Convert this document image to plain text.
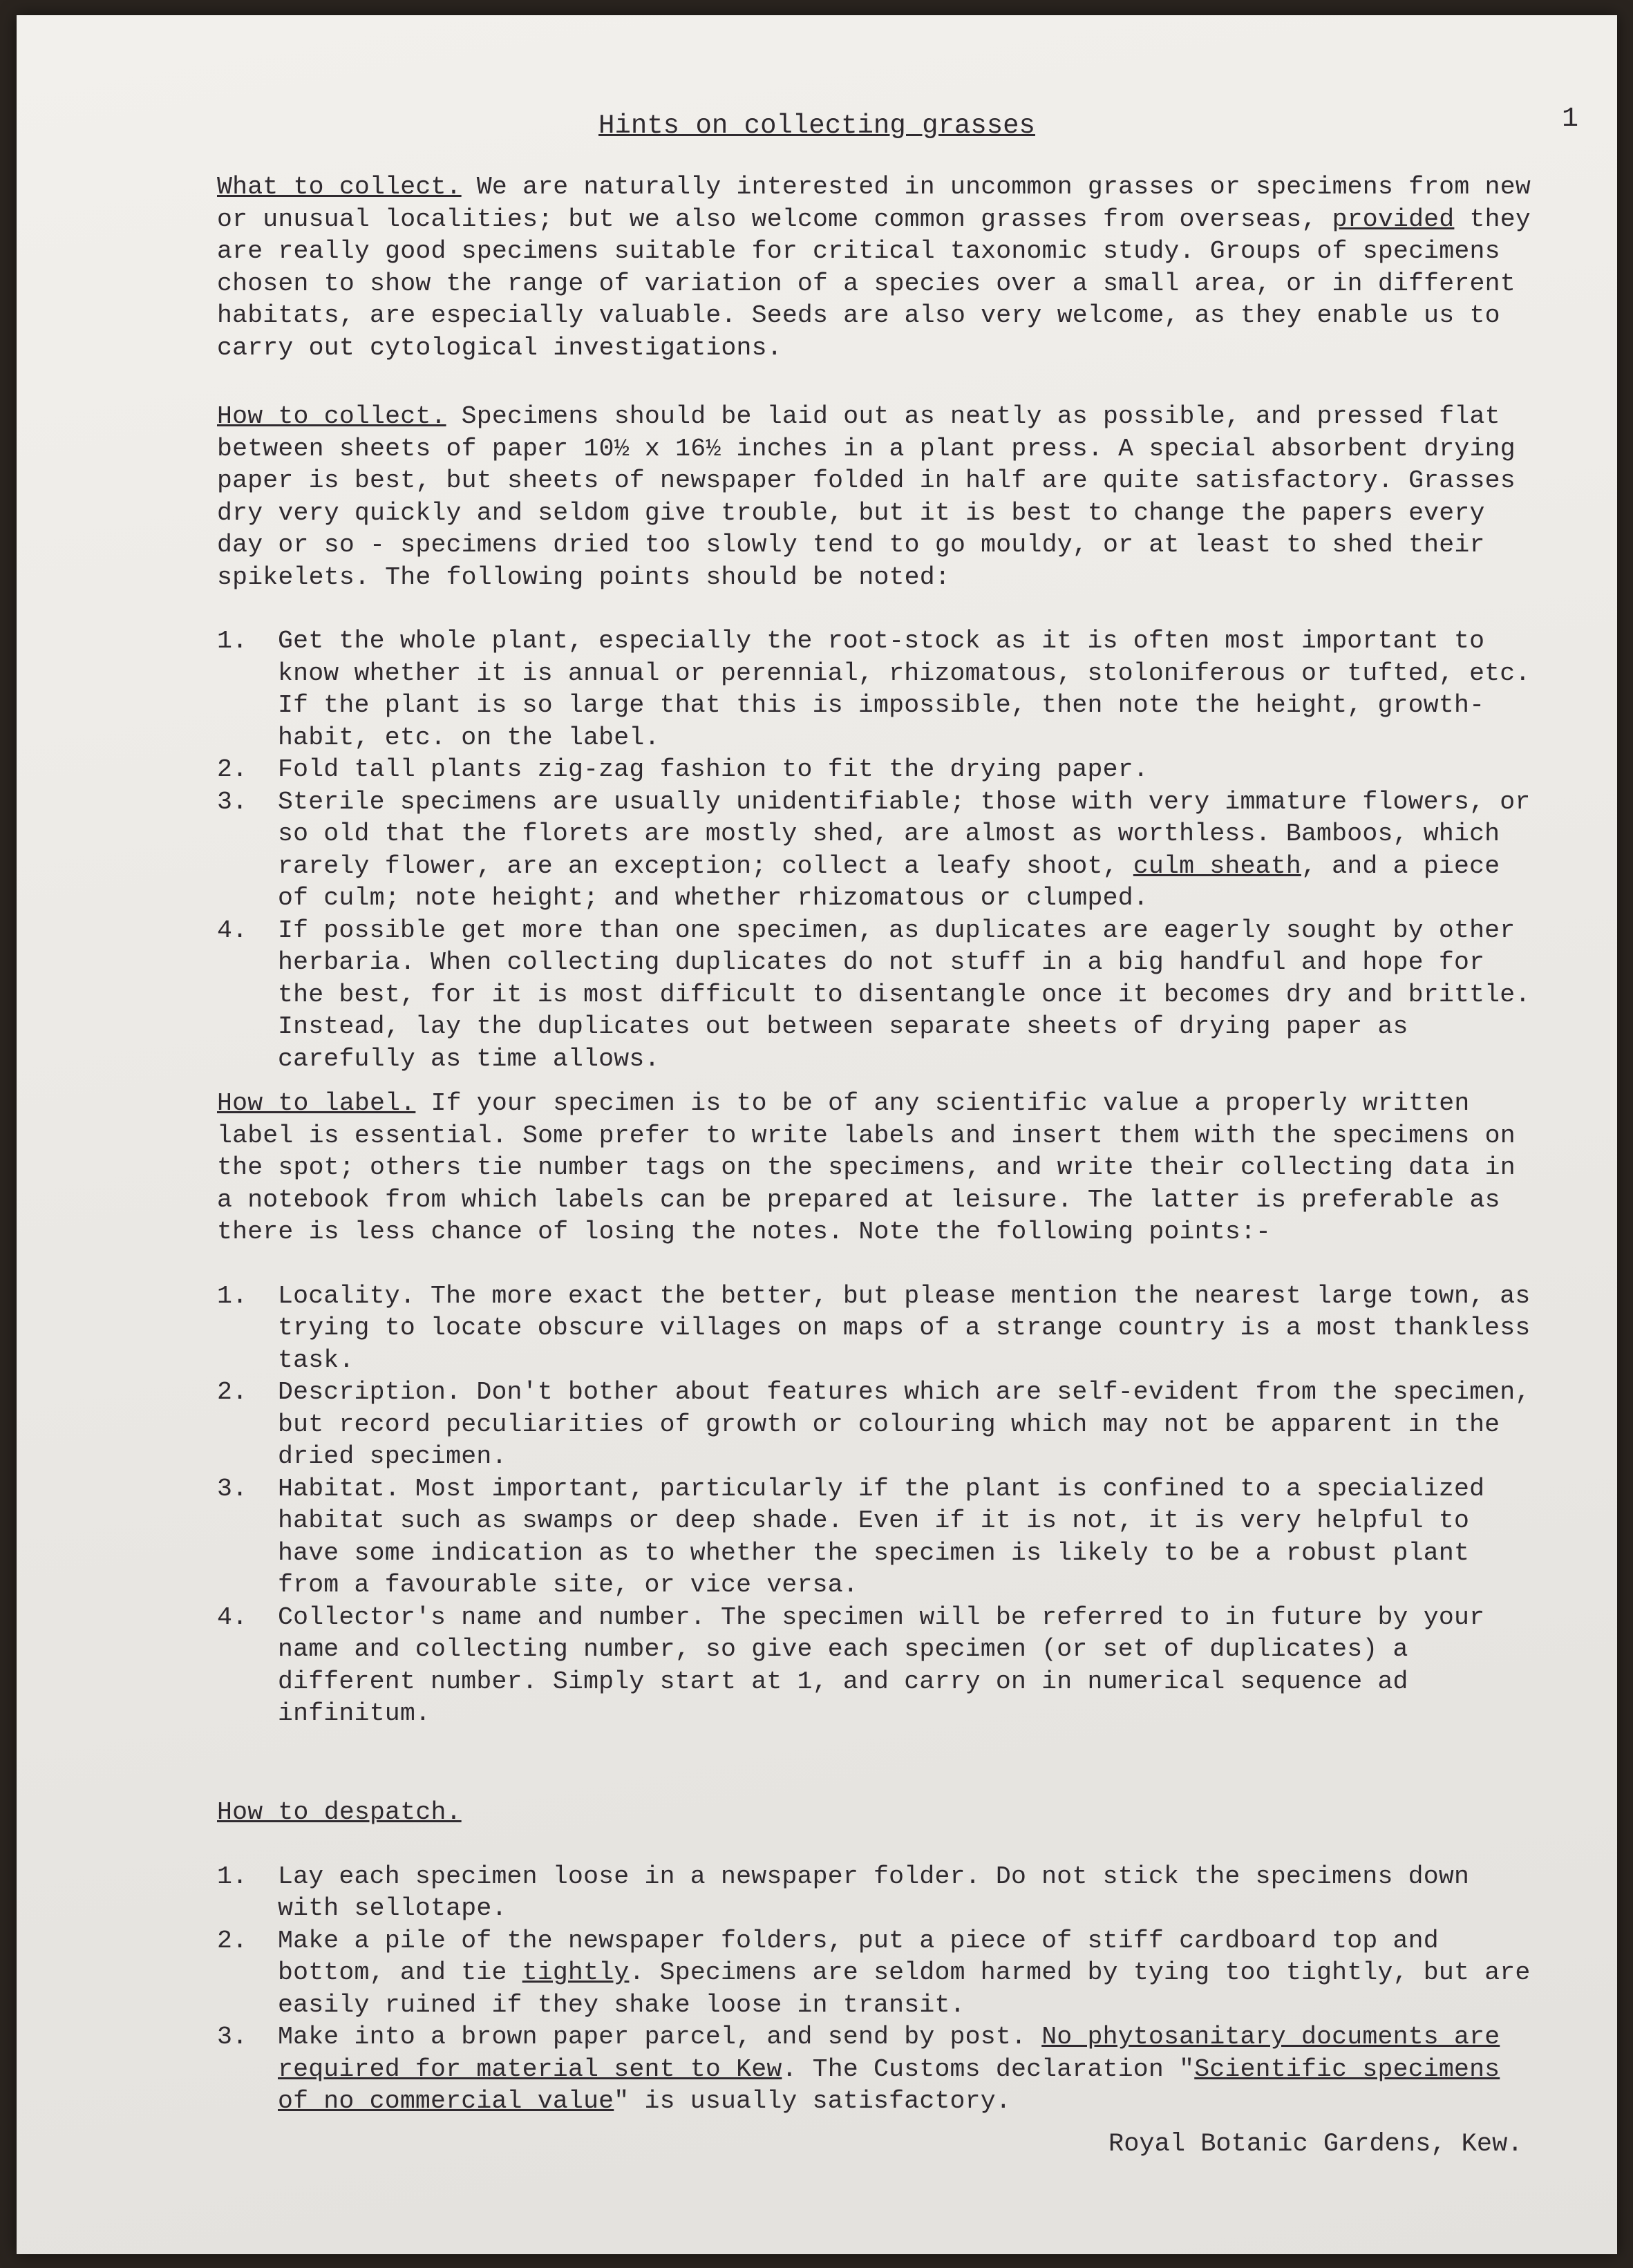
1
Hints on collecting grasses

What to collect. We are naturally interested in uncommon grasses or specimens from new or unusual localities; but we also welcome common grasses from overseas, provided they are really good specimens suitable for critical taxonomic study. Groups of specimens chosen to show the range of variation of a species over a small area, or in different habitats, are especially valuable. Seeds are also very welcome, as they enable us to carry out cytological investigations.

How to collect. Specimens should be laid out as neatly as possible, and pressed flat between sheets of paper 10½ x 16½ inches in a plant press. A special absorbent drying paper is best, but sheets of newspaper folded in half are quite satisfactory. Grasses dry very quickly and seldom give trouble, but it is best to change the papers every day or so - specimens dried too slowly tend to go mouldy, or at least to shed their spikelets. The following points should be noted:

1. Get the whole plant, especially the root-stock as it is often most important to know whether it is annual or perennial, rhizomatous, stoloniferous or tufted, etc. If the plant is so large that this is impossible, then note the height, growth-habit, etc. on the label.
2. Fold tall plants zig-zag fashion to fit the drying paper.
3. Sterile specimens are usually unidentifiable; those with very immature flowers, or so old that the florets are mostly shed, are almost as worthless. Bamboos, which rarely flower, are an exception; collect a leafy shoot, culm sheath, and a piece of culm; note height; and whether rhizomatous or clumped.
4. If possible get more than one specimen, as duplicates are eagerly sought by other herbaria. When collecting duplicates do not stuff in a big handful and hope for the best, for it is most difficult to disentangle once it becomes dry and brittle. Instead, lay the duplicates out between separate sheets of drying paper as carefully as time allows.

How to label. If your specimen is to be of any scientific value a properly written label is essential. Some prefer to write labels and insert them with the specimens on the spot; others tie number tags on the specimens, and write their collecting data in a notebook from which labels can be prepared at leisure. The latter is preferable as there is less chance of losing the notes. Note the following points:-

1. Locality. The more exact the better, but please mention the nearest large town, as trying to locate obscure villages on maps of a strange country is a most thankless task.
2. Description. Don't bother about features which are self-evident from the specimen, but record peculiarities of growth or colouring which may not be apparent in the dried specimen.
3. Habitat. Most important, particularly if the plant is confined to a specialized habitat such as swamps or deep shade. Even if it is not, it is very helpful to have some indication as to whether the specimen is likely to be a robust plant from a favourable site, or vice versa.
4. Collector's name and number. The specimen will be referred to in future by your name and collecting number, so give each specimen (or set of duplicates) a different number. Simply start at 1, and carry on in numerical sequence ad infinitum.

How to despatch.

1. Lay each specimen loose in a newspaper folder. Do not stick the specimens down with sellotape.
2. Make a pile of the newspaper folders, put a piece of stiff cardboard top and bottom, and tie tightly. Specimens are seldom harmed by tying too tightly, but are easily ruined if they shake loose in transit.
3. Make into a brown paper parcel, and send by post. No phytosanitary documents are required for material sent to Kew. The Customs declaration "Scientific specimens of no commercial value" is usually satisfactory.
Royal Botanic Gardens, Kew.
